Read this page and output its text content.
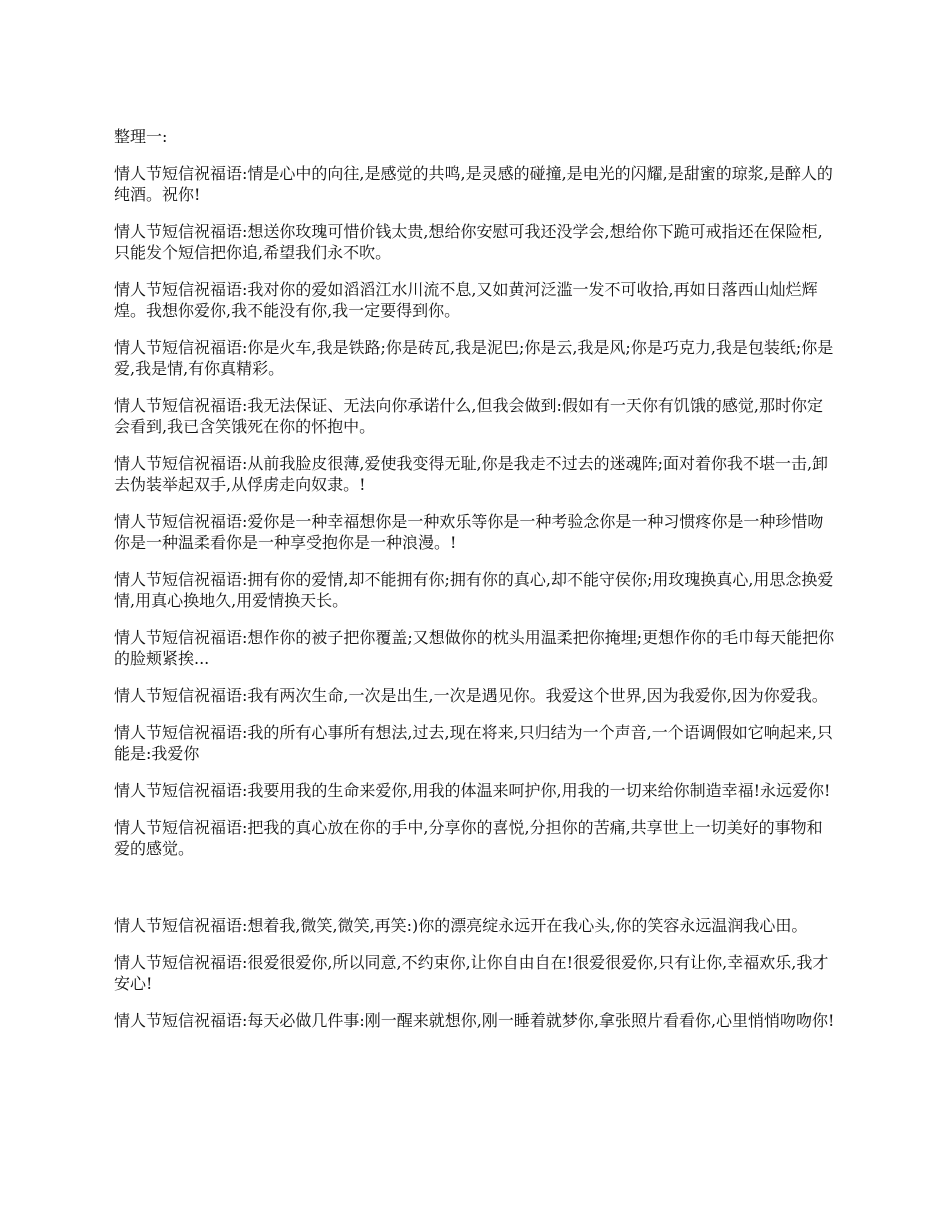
整理一:

情人节短信祝福语:情是心中的向往,是感觉的共鸣,是灵感的碰撞,是电光的闪耀,是甜蜜的琼浆,是醉人的纯酒。祝你!

情人节短信祝福语:想送你玫瑰可惜价钱太贵,想给你安慰可我还没学会,想给你下跪可戒指还在保险柜,只能发个短信把你追,希望我们永不吹。

情人节短信祝福语:我对你的爱如滔滔江水川流不息,又如黄河泛滥一发不可收拾,再如日落西山灿烂辉煌。我想你爱你,我不能没有你,我一定要得到你。

情人节短信祝福语:你是火车,我是铁路;你是砖瓦,我是泥巴;你是云,我是风;你是巧克力,我是包装纸;你是爱,我是情,有你真精彩。

情人节短信祝福语:我无法保证、无法向你承诺什么,但我会做到:假如有一天你有饥饿的感觉,那时你定会看到,我已含笑饿死在你的怀抱中。

情人节短信祝福语:从前我脸皮很薄,爱使我变得无耻,你是我走不过去的迷魂阵;面对着你我不堪一击,卸去伪装举起双手,从俘虏走向奴隶。!

情人节短信祝福语:爱你是一种幸福想你是一种欢乐等你是一种考验念你是一种习惯疼你是一种珍惜吻你是一种温柔看你是一种享受抱你是一种浪漫。!

情人节短信祝福语:拥有你的爱情,却不能拥有你;拥有你的真心,却不能守侯你;用玫瑰换真心,用思念换爱情,用真心换地久,用爱情换天长。

情人节短信祝福语:想作你的被子把你覆盖;又想做你的枕头用温柔把你掩埋;更想作你的毛巾每天能把你的脸颊紧挨...

情人节短信祝福语:我有两次生命,一次是出生,一次是遇见你。我爱这个世界,因为我爱你,因为你爱我。

情人节短信祝福语:我的所有心事所有想法,过去,现在将来,只归结为一个声音,一个语调假如它响起来,只能是:我爱你

情人节短信祝福语:我要用我的生命来爱你,用我的体温来呵护你,用我的一切来给你制造幸福!永远爱你!

情人节短信祝福语:把我的真心放在你的手中,分享你的喜悦,分担你的苦痛,共享世上一切美好的事物和爱的感觉。

情人节短信祝福语:想着我,微笑,微笑,再笑:)你的漂亮绽永远开在我心头,你的笑容永远温润我心田。

情人节短信祝福语:很爱很爱你,所以同意,不约束你,让你自由自在!很爱很爱你,只有让你,幸福欢乐,我才安心!

情人节短信祝福语:每天必做几件事:刚一醒来就想你,刚一睡着就梦你,拿张照片看看你,心里悄悄吻吻你!
